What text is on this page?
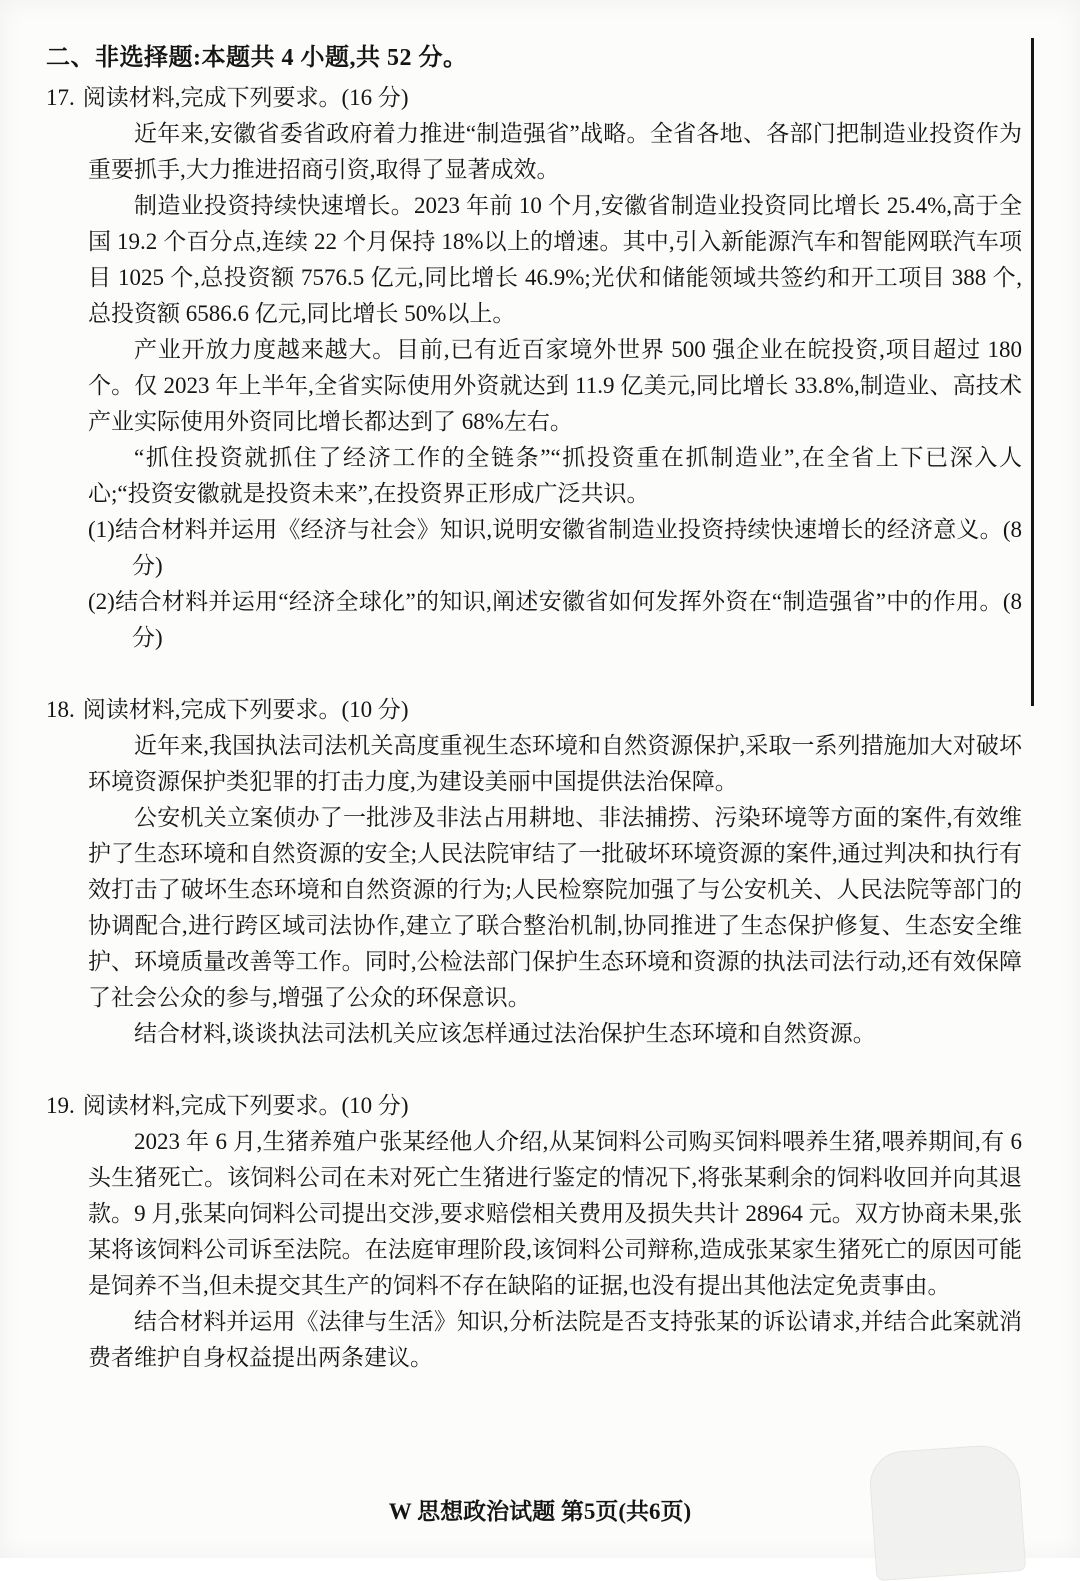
二、非选择题:本题共 4 小题,共 52 分。
17. 阅读材料,完成下列要求。(16 分)

近年来,安徽省委省政府着力推进“制造强省”战略。全省各地、各部门把制造业投资作为重要抓手,大力推进招商引资,取得了显著成效。

制造业投资持续快速增长。2023 年前 10 个月,安徽省制造业投资同比增长 25.4%,高于全国 19.2 个百分点,连续 22 个月保持 18%以上的增速。其中,引入新能源汽车和智能网联汽车项目 1025 个,总投资额 7576.5 亿元,同比增长 46.9%;光伏和储能领域共签约和开工项目 388 个,总投资额 6586.6 亿元,同比增长 50%以上。

产业开放力度越来越大。目前,已有近百家境外世界 500 强企业在皖投资,项目超过 180 个。仅 2023 年上半年,全省实际使用外资就达到 11.9 亿美元,同比增长 33.8%,制造业、高技术产业实际使用外资同比增长都达到了 68%左右。

“抓住投资就抓住了经济工作的全链条”“抓投资重在抓制造业”,在全省上下已深入人心;“投资安徽就是投资未来”,在投资界正形成广泛共识。

(1)结合材料并运用《经济与社会》知识,说明安徽省制造业投资持续快速增长的经济意义。(8 分)

(2)结合材料并运用“经济全球化”的知识,阐述安徽省如何发挥外资在“制造强省”中的作用。(8 分)

18. 阅读材料,完成下列要求。(10 分)

近年来,我国执法司法机关高度重视生态环境和自然资源保护,采取一系列措施加大对破坏环境资源保护类犯罪的打击力度,为建设美丽中国提供法治保障。

公安机关立案侦办了一批涉及非法占用耕地、非法捕捞、污染环境等方面的案件,有效维护了生态环境和自然资源的安全;人民法院审结了一批破坏环境资源的案件,通过判决和执行有效打击了破坏生态环境和自然资源的行为;人民检察院加强了与公安机关、人民法院等部门的协调配合,进行跨区域司法协作,建立了联合整治机制,协同推进了生态保护修复、生态安全维护、环境质量改善等工作。同时,公检法部门保护生态环境和资源的执法司法行动,还有效保障了社会公众的参与,增强了公众的环保意识。

结合材料,谈谈执法司法机关应该怎样通过法治保护生态环境和自然资源。

19. 阅读材料,完成下列要求。(10 分)

2023 年 6 月,生猪养殖户张某经他人介绍,从某饲料公司购买饲料喂养生猪,喂养期间,有 6 头生猪死亡。该饲料公司在未对死亡生猪进行鉴定的情况下,将张某剩余的饲料收回并向其退款。9 月,张某向饲料公司提出交涉,要求赔偿相关费用及损失共计 28964 元。双方协商未果,张某将该饲料公司诉至法院。在法庭审理阶段,该饲料公司辩称,造成张某家生猪死亡的原因可能是饲养不当,但未提交其生产的饲料不存在缺陷的证据,也没有提出其他法定免责事由。

结合材料并运用《法律与生活》知识,分析法院是否支持张某的诉讼请求,并结合此案就消费者维护自身权益提出两条建议。

W 思想政治试题 第5页(共6页)
